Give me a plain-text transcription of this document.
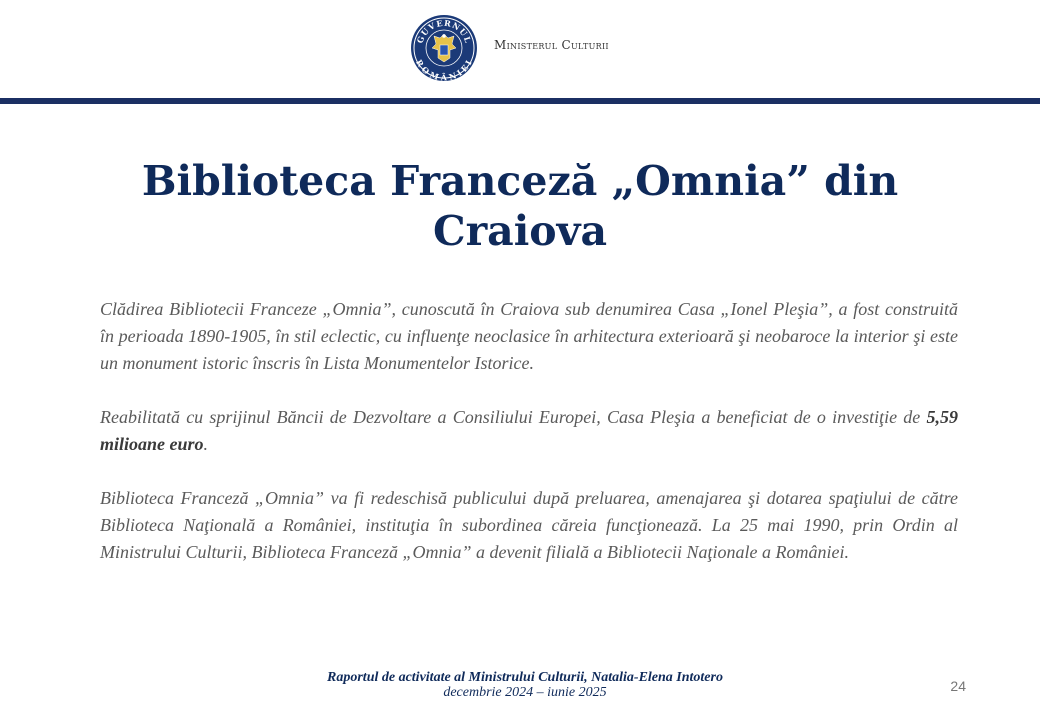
GUVERNUL
ROMÂNIEI
Ministerul Culturii
Biblioteca Franceză „Omnia” din Craiova

Clădirea Bibliotecii Franceze „Omnia”, cunoscută în Craiova sub denumirea Casa „Ionel Pleşia”, a fost construită în perioada 1890-1905, în stil eclectic, cu influenţe neoclasice în arhitectura exterioară şi neobaroce la interior şi este un monument istoric înscris în Lista Monumentelor Istorice.

Reabilitată cu sprijinul Băncii de Dezvoltare a Consiliului Europei, Casa Pleşia a beneficiat de o investiţie de 5,59 milioane euro.

Biblioteca Franceză „Omnia” va fi redeschisă publicului după preluarea, amenajarea şi dotarea spaţiului de către Biblioteca Naţională a României, instituţia în subordinea căreia funcţionează. La 25 mai 1990, prin Ordin al Ministrului Culturii, Biblioteca Franceză „Omnia” a devenit filială a Bibliotecii Naţionale a României.

Raportul de activitate al Ministrului Culturii, Natalia-Elena Intotero
decembrie 2024 – iunie 2025	24
